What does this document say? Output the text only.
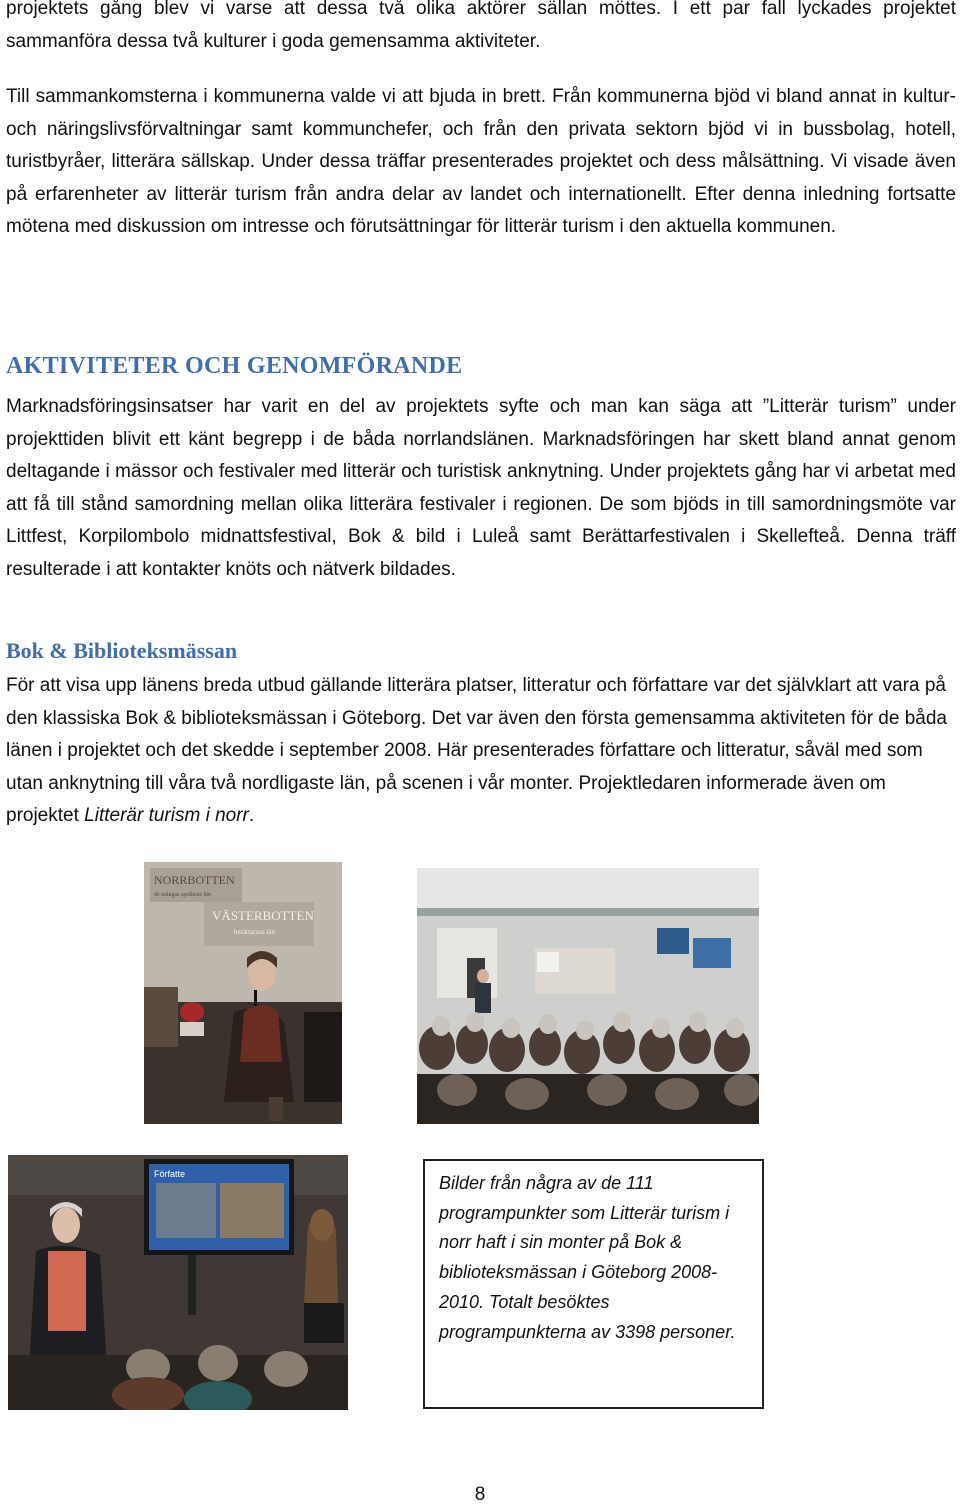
projektets gång blev vi varse att dessa två olika aktörer sällan möttes. I ett par fall lyckades projektet sammanföra dessa två kulturer i goda gemensamma aktiviteter.

Till sammankomsterna i kommunerna valde vi att bjuda in brett. Från kommunerna bjöd vi bland annat in kultur- och näringslivsförvaltningar samt kommunchefer, och från den privata sektorn bjöd vi in bussbolag, hotell, turistbyråer, litterära sällskap. Under dessa träffar presenterades projektet och dess målsättning. Vi visade även på erfarenheter av litterär turism från andra delar av landet och internationellt. Efter denna inledning fortsatte mötena med diskussion om intresse och förutsättningar för litterär turism i den aktuella kommunen.

AKTIVITETER OCH GENOMFÖRANDE

Marknadsföringsinsatser har varit en del av projektets syfte och man kan säga att ”Litterär turism” under projekttiden blivit ett känt begrepp i de båda norrlandslänen. Marknadsföringen har skett bland annat genom deltagande i mässor och festivaler med litterär och turistisk anknytning. Under projektets gång har vi arbetat med att få till stånd samordning mellan olika litterära festivaler i regionen. De som bjöds in till samordningsmöte var Littfest, Korpilombolo midnattsfestival, Bok & bild i Luleå samt Berättarfestivalen i Skellefteå. Denna träff resulterade i att kontakter knöts och nätverk bildades.

Bok & Biblioteksmässan

För att visa upp länens breda utbud gällande litterära platser, litteratur och författare var det självklart att vara på den klassiska Bok & biblioteksmässan i Göteborg. Det var även den första gemensamma aktiviteten för de båda länen i projektet och det skedde i september 2008. Här presenterades författare och litteratur, såväl med som utan anknytning till våra två nordligaste län, på scenen i vår monter. Projektledaren informerade även om projektet Litterär turism i norr.

NORRBOTTEN
de mångas språkens län
VÄSTERBOTTEN
berättarnas län
Författe	Bilder från några av de 111 programpunkter som Litterär turism i norr haft i sin monter på Bok & biblioteksmässan i Göteborg 2008-2010. Totalt besöktes programpunkterna av 3398 personer.

8
